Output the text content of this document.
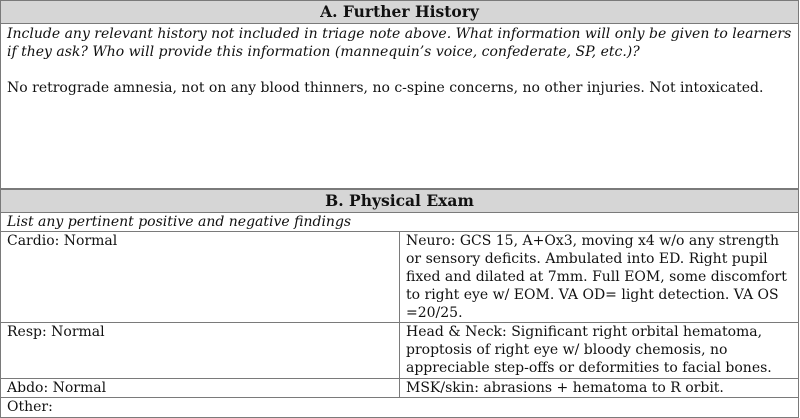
A. Further History

Include any relevant history not included in triage note above. What information will only be given to learners if they ask? Who will provide this information (mannequin’s voice, confederate, SP, etc.)?

No retrograde amnesia, not on any blood thinners, no c-spine concerns, no other injuries. Not intoxicated.

B. Physical Exam	
List any pertinent positive and negative findings	
Cardio: Normal	Neuro: GCS 15, A+Ox3, moving x4 w/o any strength or sensory deficits. Ambulated into ED. Right pupil fixed and dilated at 7mm. Full EOM, some discomfort to right eye w/ EOM. VA OD= light detection. VA OS =20/25.
Resp: Normal	Head & Neck: Significant right orbital hematoma, proptosis of right eye w/ bloody chemosis, no appreciable step-offs or deformities to facial bones.
Abdo: Normal	MSK/skin: abrasions + hematoma to R orbit.
Other:	
